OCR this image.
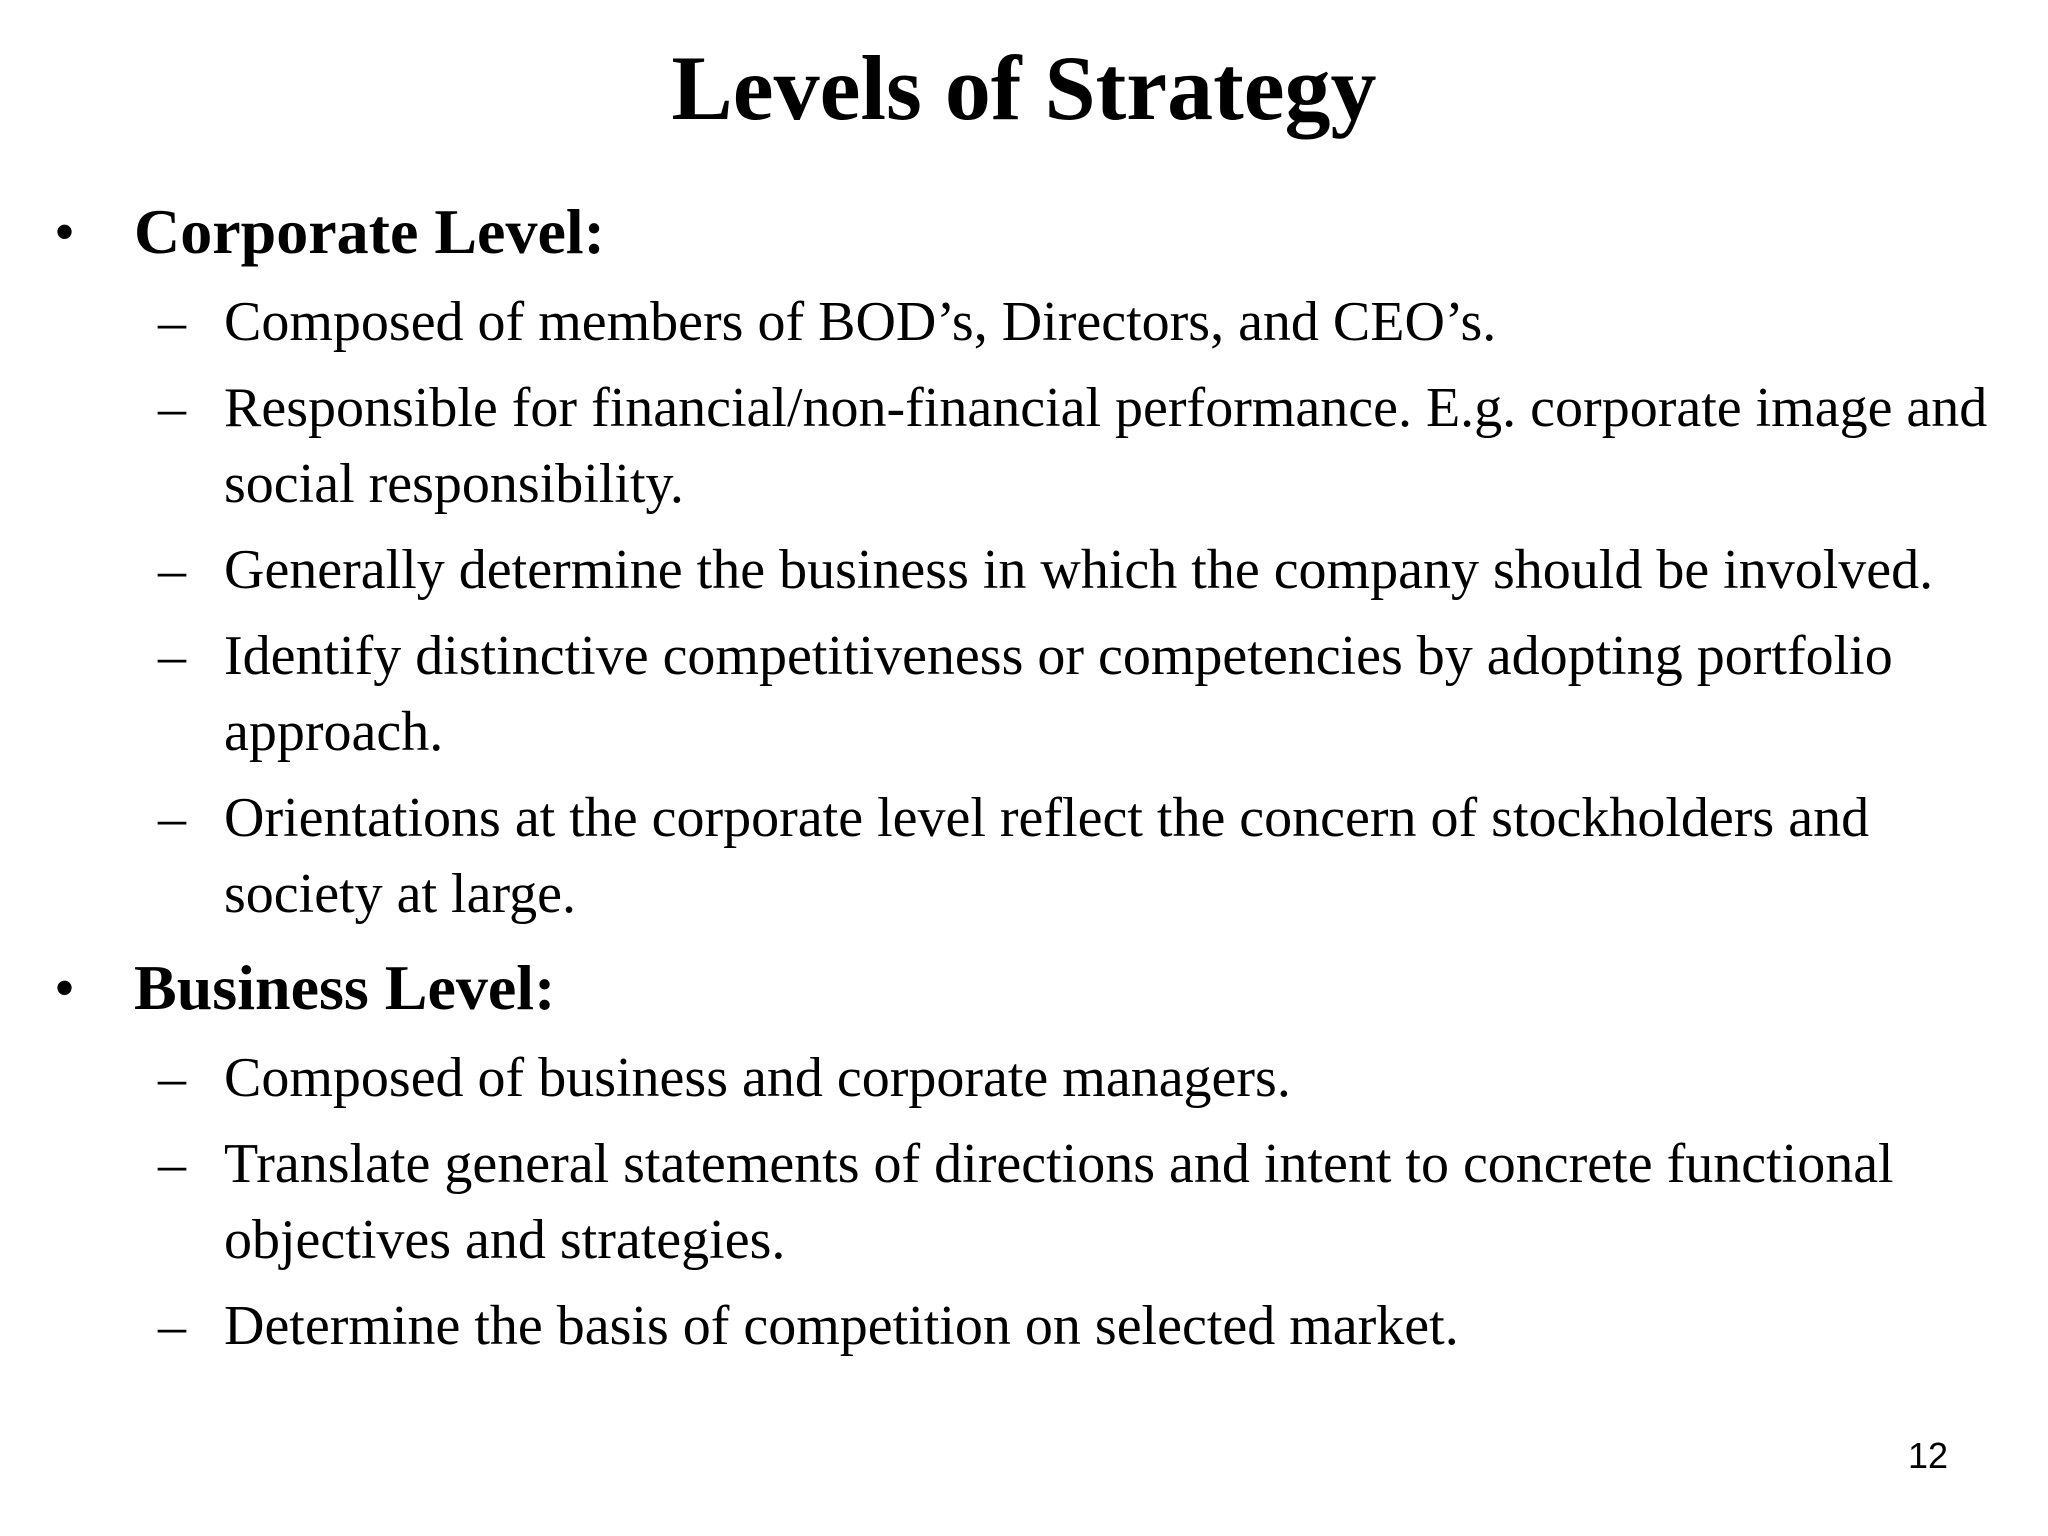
Levels of Strategy
• Corporate Level:
– Composed of members of BOD’s, Directors, and CEO’s.
– Responsible for financial/non-financial performance. E.g. corporate image and social responsibility.
– Generally determine the business in which the company should be involved.
– Identify distinctive competitiveness or competencies by adopting portfolio approach.
– Orientations at the corporate level reflect the concern of stockholders and society at large.
• Business Level:
– Composed of business and corporate managers.
– Translate general statements of directions and intent to concrete functional objectives and strategies.
– Determine the basis of competition on selected market.
12
